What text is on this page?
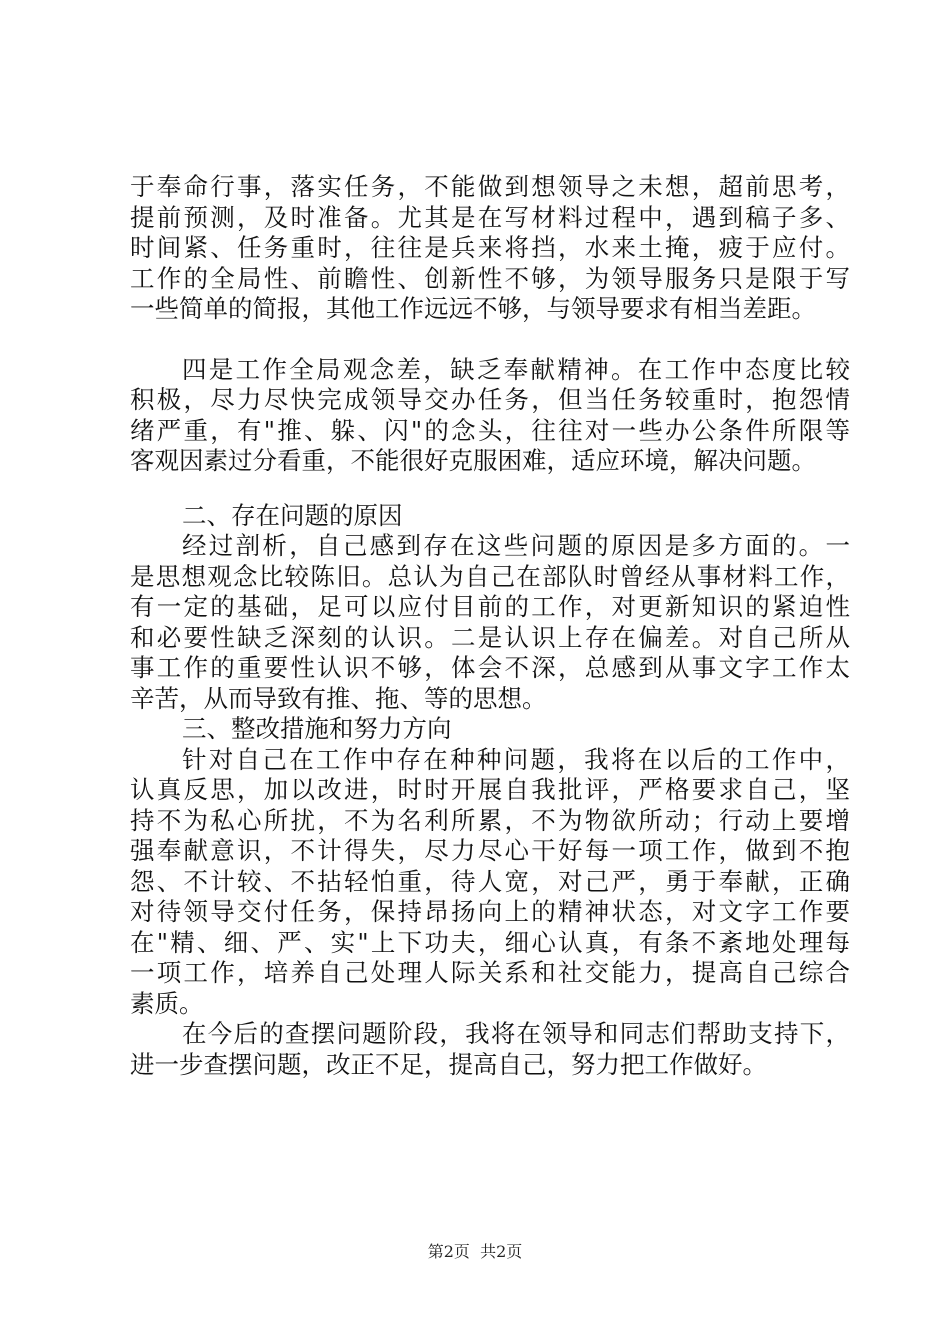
于奉命行事，落实任务，不能做到想领导之未想，超前思考，
提前预测，及时准备。尤其是在写材料过程中，遇到稿子多、
时间紧、任务重时，往往是兵来将挡，水来土掩，疲于应付。
工作的全局性、前瞻性、创新性不够，为领导服务只是限于写
一些简单的简报，其他工作远远不够，与领导要求有相当差距。
四是工作全局观念差，缺乏奉献精神。在工作中态度比较
积极，尽力尽快完成领导交办任务，但当任务较重时，抱怨情
绪严重，有"推、躲、闪"的念头，往往对一些办公条件所限等
客观因素过分看重，不能很好克服困难，适应环境，解决问题。
二、存在问题的原因
经过剖析，自己感到存在这些问题的原因是多方面的。一
是思想观念比较陈旧。总认为自己在部队时曾经从事材料工作，
有一定的基础，足可以应付目前的工作，对更新知识的紧迫性
和必要性缺乏深刻的认识。二是认识上存在偏差。对自己所从
事工作的重要性认识不够，体会不深，总感到从事文字工作太
辛苦，从而导致有推、拖、等的思想。
三、整改措施和努力方向
针对自己在工作中存在种种问题，我将在以后的工作中，
认真反思，加以改进，时时开展自我批评，严格要求自己，坚
持不为私心所扰，不为名利所累，不为物欲所动；行动上要增
强奉献意识，不计得失，尽力尽心干好每一项工作，做到不抱
怨、不计较、不拈轻怕重，待人宽，对己严，勇于奉献，正确
对待领导交付任务，保持昂扬向上的精神状态，对文字工作要
在"精、细、严、实"上下功夫，细心认真，有条不紊地处理每
一项工作，培养自己处理人际关系和社交能力，提高自己综合
素质。
在今后的查摆问题阶段，我将在领导和同志们帮助支持下，
进一步查摆问题，改正不足，提高自己，努力把工作做好。
第2页  共2页
